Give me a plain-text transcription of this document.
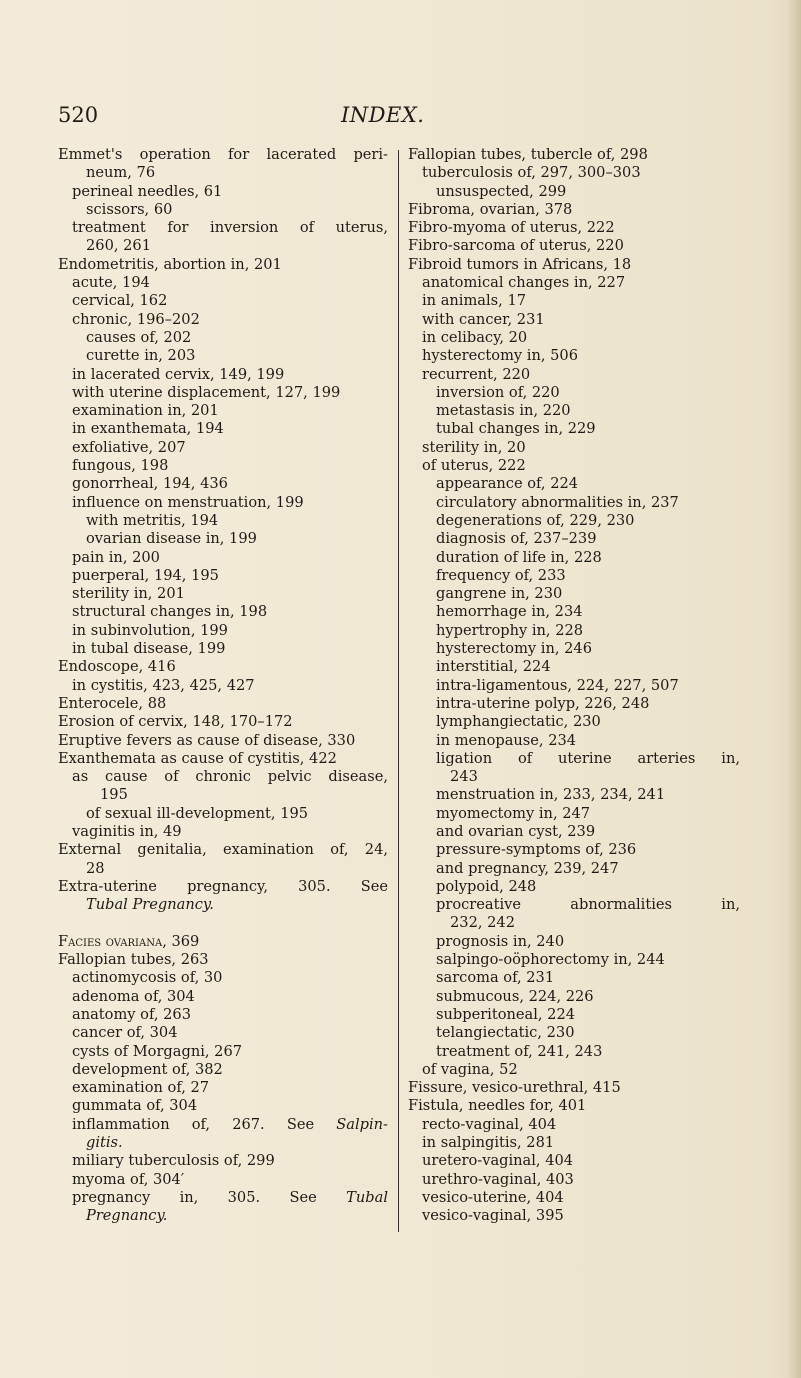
520	INDEX.
Emmet's operation for lacerated peri-
neum, 76
perineal needles, 61
scissors, 60
treatment for inversion of uterus,
260, 261
Endometritis, abortion in, 201
acute, 194
cervical, 162
chronic, 196–202
causes of, 202
curette in, 203
in lacerated cervix, 149, 199
with uterine displacement, 127, 199
examination in, 201
in exanthemata, 194
exfoliative, 207
fungous, 198
gonorrheal, 194, 436
influence on menstruation, 199
with metritis, 194
ovarian disease in, 199
pain in, 200
puerperal, 194, 195
sterility in, 201
structural changes in, 198
in subinvolution, 199
in tubal disease, 199
Endoscope, 416
in cystitis, 423, 425, 427
Enterocele, 88
Erosion of cervix, 148, 170–172
Eruptive fevers as cause of disease, 330
Exanthemata as cause of cystitis, 422
as cause of chronic pelvic disease,
195
of sexual ill-development, 195
vaginitis in, 49
External genitalia, examination of, 24,
28
Extra-uterine pregnancy, 305. See
Tubal Pregnancy.
Facies ovariana, 369
Fallopian tubes, 263
actinomycosis of, 30
adenoma of, 304
anatomy of, 263
cancer of, 304
cysts of Morgagni, 267
development of, 382
examination of, 27
gummata of, 304
inflammation of, 267. See Salpin-
gitis.
miliary tuberculosis of, 299
myoma of, 304′
pregnancy in, 305. See Tubal
Pregnancy.
Fallopian tubes, tubercle of, 298
tuberculosis of, 297, 300–303
unsuspected, 299
Fibroma, ovarian, 378
Fibro-myoma of uterus, 222
Fibro-sarcoma of uterus, 220
Fibroid tumors in Africans, 18
anatomical changes in, 227
in animals, 17
with cancer, 231
in celibacy, 20
hysterectomy in, 506
recurrent, 220
inversion of, 220
metastasis in, 220
tubal changes in, 229
sterility in, 20
of uterus, 222
appearance of, 224
circulatory abnormalities in, 237
degenerations of, 229, 230
diagnosis of, 237–239
duration of life in, 228
frequency of, 233
gangrene in, 230
hemorrhage in, 234
hypertrophy in, 228
hysterectomy in, 246
interstitial, 224
intra-ligamentous, 224, 227, 507
intra-uterine polyp, 226, 248
lymphangiectatic, 230
in menopause, 234
ligation of uterine arteries in,
243
menstruation in, 233, 234, 241
myomectomy in, 247
and ovarian cyst, 239
pressure-symptoms of, 236
and pregnancy, 239, 247
polypoid, 248
procreative abnormalities in,
232, 242
prognosis in, 240
salpingo-oöphorectomy in, 244
sarcoma of, 231
submucous, 224, 226
subperitoneal, 224
telangiectatic, 230
treatment of, 241, 243
of vagina, 52
Fissure, vesico-urethral, 415
Fistula, needles for, 401
recto-vaginal, 404
in salpingitis, 281
uretero-vaginal, 404
urethro-vaginal, 403
vesico-uterine, 404
vesico-vaginal, 395
